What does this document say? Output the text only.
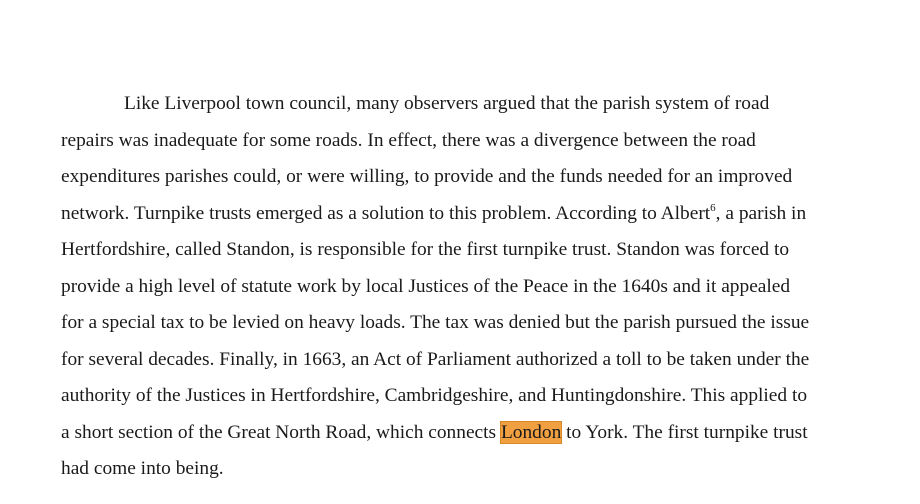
Like Liverpool town council, many observers argued that the parish system of road
repairs was inadequate for some roads. In effect, there was a divergence between the road
expenditures parishes could, or were willing, to provide and the funds needed for an improved
network. Turnpike trusts emerged as a solution to this problem. According to Albert$^6$, a parish in
Hertfordshire, called Standon, is responsible for the first turnpike trust. Standon was forced to
provide a high level of statute work by local Justices of the Peace in the 1640s and it appealed
for a special tax to be levied on heavy loads. The tax was denied but the parish pursued the issue
for several decades. Finally, in 1663, an Act of Parliament authorized a toll to be taken under the
authority of the Justices in Hertfordshire, Cambridgeshire, and Huntingdonshire. This applied to
a short section of the Great North Road, which connects London to York. The first turnpike trust
had come into being.
